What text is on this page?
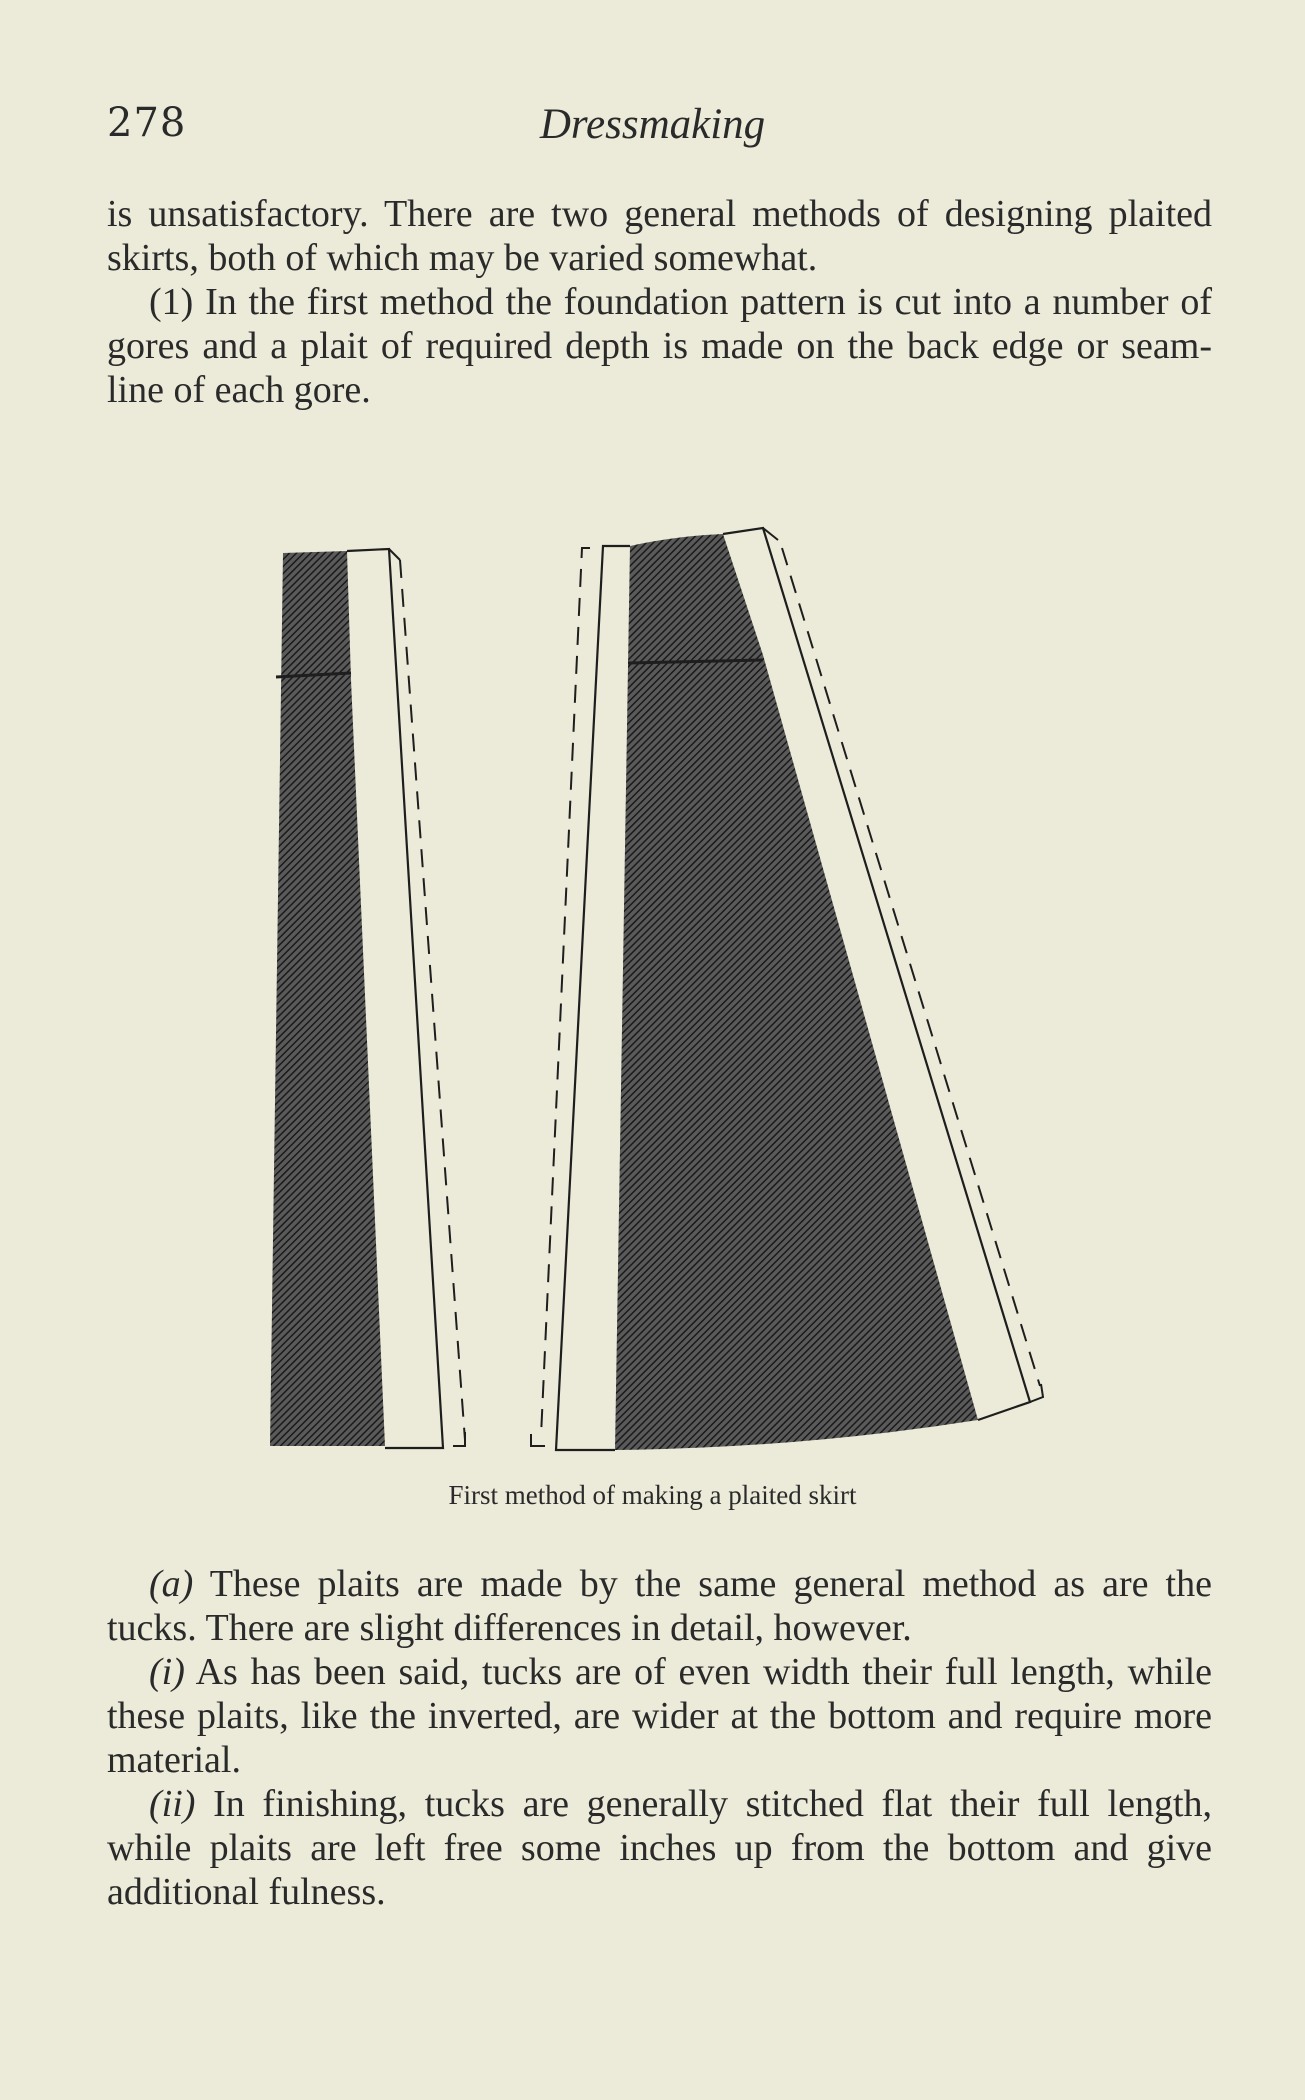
278	Dressmaking

is unsatisfactory. There are two general methods of designing plaited skirts, both of which may be varied somewhat.

(1) In the first method the foundation pattern is cut into a number of gores and a plait of required depth is made on the back edge or seam-line of each gore.

First method of making a plaited skirt

(a) These plaits are made by the same general method as are the tucks. There are slight differences in detail, however.

(i) As has been said, tucks are of even width their full length, while these plaits, like the inverted, are wider at the bottom and require more material.

(ii) In finishing, tucks are generally stitched flat their full length, while plaits are left free some inches up from the bottom and give additional fulness.
